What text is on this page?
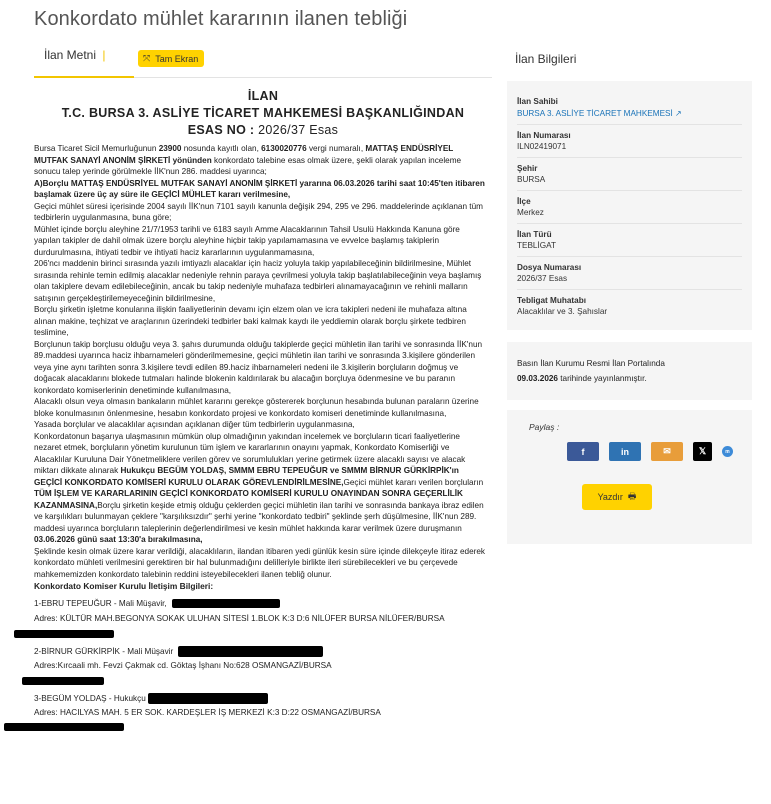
Konkordato mühlet kararının ilanen tebliği
İlan Metni |	⤧ Tam Ekran
İLAN
T.C. BURSA 3. ASLİYE TİCARET MAHKEMESİ BAŞKANLIĞINDAN
ESAS NO : 2026/37 Esas

Bursa Ticaret Sicil Memurluğunun 23900 nosunda kayıtlı olan, 6130020776 vergi numaralı, MATTAŞ ENDÜSRİYEL MUTFAK SANAYİ ANONİM ŞİRKETİ yönünden konkordato talebine esas olmak üzere, şekli olarak yapılan inceleme sonucu talep yerinde görülmekle İİK'nun 286. maddesi uyarınca;

A)Borçlu MATTAŞ ENDÜSRİYEL MUTFAK SANAYİ ANONİM ŞİRKETİ yararına 06.03.2026 tarihi saat 10:45'ten itibaren başlamak üzere üç ay süre ile GEÇİCİ MÜHLET kararı verilmesine,

Geçici mühlet süresi içerisinde 2004 sayılı İİK'nun 7101 sayılı kanunla değişik 294, 295 ve 296. maddelerinde açıklanan tüm tedbirlerin uygulanmasına, buna göre;

Mühlet içinde borçlu aleyhine 21/7/1953 tarihli ve 6183 sayılı Amme Alacaklarının Tahsil Usulü Hakkında Kanuna göre yapılan takipler de dahil olmak üzere borçlu aleyhine hiçbir takip yapılamamasına ve evvelce başlamış takiplerin durdurulmasına, ihtiyati tedbir ve ihtiyati haciz kararlarının uygulanmamasına,

206'ncı maddenin birinci sırasında yazılı imtiyazlı alacaklar için haciz yoluyla takip yapılabileceğinin bildirilmesine, Mühlet sırasında rehinle temin edilmiş alacaklar nedeniyle rehnin paraya çevrilmesi yoluyla takip başlatılabileceğinin veya başlamış olan takiplere devam edilebileceğinin, ancak bu takip nedeniyle muhafaza tedbirleri alınamayacağının ve rehinli malların satışının gerçekleştirilemeyeceğinin bildirilmesine,

Borçlu şirketin işletme konularına ilişkin faaliyetlerinin devamı için elzem olan ve icra takipleri nedeni ile muhafaza altına alınan makine, teçhizat ve araçlarının üzerindeki tedbirler baki kalmak kaydı ile yeddiemin olarak borçlu şirkete tedbiren teslimine,

Borçlunun takip borçlusu olduğu veya 3. şahıs durumunda olduğu takiplerde geçici mühletin ilan tarihi ve sonrasında İİK'nun 89.maddesi uyarınca haciz ihbarnameleri gönderilmemesine, geçici mühletin ilan tarihi ve sonrasında 3.kişilere gönderilen veya yine aynı tarihten sonra 3.kişilere tevdi edilen 89.haciz ihbarnameleri nedeni ile 3.kişilerin borçluların doğmuş ve doğacak alacaklarını blokede tutmaları halinde blokenin kaldırılarak bu alacağın borçluya ödenmesine ve bu paranın konkordato komiserlerinin denetiminde kullanılmasına,

Alacaklı olsun veya olmasın bankaların mühlet kararını gerekçe göstererek borçlunun hesabında bulunan paraların üzerine bloke konulmasının önlenmesine, hesabın konkordato projesi ve konkordato komiseri denetiminde kullanılmasına,

Yasada borçlular ve alacaklılar açısından açıklanan diğer tüm tedbirlerin uygulanmasına,

Konkordatonun başarıya ulaşmasının mümkün olup olmadığının yakından incelemek ve borçluların ticari faaliyetlerine nezaret etmek, borçluların yönetim kurulunun tüm işlem ve kararlarının onayını yapmak, Konkordato Komiserliği ve Alacaklılar Kuruluna Dair Yönetmeliklere verilen görev ve sorumlulukları yerine getirmek üzere alacaklı sayısı ve alacak miktarı dikkate alınarak Hukukçu BEGÜM YOLDAŞ, SMMM EBRU TEPEUĞUR ve SMMM BİRNUR GÜRKİRPİK'ın GEÇİCİ KONKORDATO KOMİSERİ KURULU OLARAK GÖREVLENDİRİLMESİNE,Geçici mühlet kararı verilen borçluların TÜM İŞLEM VE KARARLARININ GEÇİCİ KONKORDATO KOMİSERİ KURULU ONAYINDAN SONRA GEÇERLİLİK KAZANMASINA,Borçlu şirketin keşide etmiş olduğu çeklerden geçici mühletin ilan tarihi ve sonrasında bankaya ibraz edilen ve karşılıkları bulunmayan çeklere "karşılıksızdır" şerhi yerine "konkordato tedbiri" şeklinde şerh düşülmesine, İİK'nun 289. maddesi uyarınca borçluların taleplerinin değerlendirilmesi ve kesin mühlet hakkında karar verilmek üzere duruşmanın 03.06.2026 günü saat 13:30'a bırakılmasına,

Şeklinde kesin olmak üzere karar verildiği, alacaklıların, ilandan itibaren yedi günlük kesin süre içinde dilekçeyle itiraz ederek konkordato mühleti verilmesini gerektiren bir hal bulunmadığını delilleriyle birlikte ileri sürebilecekleri ve bu çerçevede mahkememizden konkordato talebinin reddini isteyebilecekleri ilanen tebliğ olunur.

Konkordato Komiser Kurulu İletişim Bilgileri:
1-EBRU TEPEUĞUR - Mali Müşavir,
Adres: KÜLTÜR MAH.BEGONYA SOKAK ULUHAN SİTESİ 1.BLOK K:3 D:6 NİLÜFER BURSA NİLÜFER/BURSA
2-BİRNUR GÜRKİRPİK - Mali Müşavir
Adres:Kırcaali mh. Fevzi Çakmak cd. Göktaş İşhanı No:628 OSMANGAZİ/BURSA
3-BEGÜM YOLDAŞ - Hukukçu
Adres: HACILYAS MAH. 5 ER SOK. KARDEŞLER İŞ MERKEZİ K:3 D:22 OSMANGAZİ/BURSA
İlan Bilgileri
İlan Sahibi
BURSA 3. ASLİYE TİCARET MAHKEMESİ ↗
İlan Numarası
ILN02419071
Şehir
BURSA
İlçe
Merkez
İlan Türü
TEBLİGAT
Dosya Numarası
2026/37 Esas
Tebligat Muhatabı
Alacaklılar ve 3. Şahıslar
Basın İlan Kurumu Resmi İlan Portalında
09.03.2026 tarihinde yayınlanmıştır.
Paylaş :
f	in	✉	𝕏	m
Yazdır 🖶
